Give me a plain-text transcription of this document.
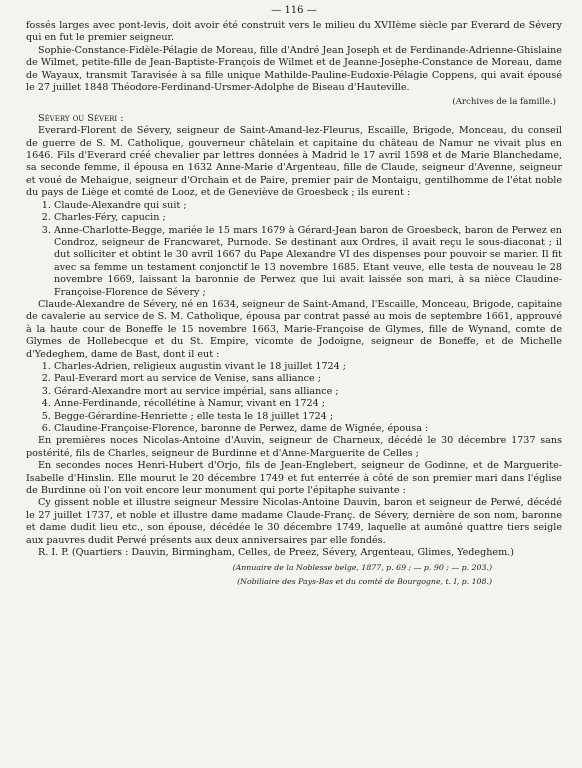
— 116 —

fossés larges avec pont-levis, doit avoir été construit vers le milieu du XVIIème siècle par Everard de Sévery qui en fut le premier seigneur.

Sophie-Constance-Fidèle-Pélagie de Moreau, fille d'André Jean Joseph et de Ferdinande-Adrienne-Ghislaine de Wilmet, petite-fille de Jean-Baptiste-François de Wilmet et de Jeanne-Josèphe-Constance de Moreau, dame de Wayaux, transmit Taravisée à sa fille unique Mathilde-Pauline-Eudoxie-Pélagie Coppens, qui avait épousé le 27 juillet 1848 Théodore-Ferdinand-Ursmer-Adolphe de Biseau d'Hauteville.

(Archives de la famille.)

Sévery ou Séveri :

Everard-Florent de Sévery, seigneur de Saint-Amand-lez-Fleurus, Escaille, Brigode, Monceau, du conseil de guerre de S. M. Catholique, gouverneur châtelain et capitaine du château de Namur ne vivait plus en 1646. Fils d'Everard créé chevalier par lettres données à Madrid le 17 avril 1598 et de Marie Blanchedame, sa seconde femme, il épousa en 1632 Anne-Marie d'Argenteau, fille de Claude, seigneur d'Avenne, seigneur et voué de Mehaigue, seigneur d'Orchain et de Paire, premier pair de Montaigu, gentilhomme de l'état noble du pays de Liège et comté de Looz, et de Geneviève de Groesbeck ; ils eurent :

1. Claude-Alexandre qui suit ;
2. Charles-Féry, capucin ;
3. Anne-Charlotte-Begge, mariée le 15 mars 1679 à Gérard-Jean baron de Groesbeck, baron de Perwez en Condroz, seigneur de Francwaret, Purnode. Se destinant aux Ordres, il avait reçu le sous-diaconat ; il dut solliciter et obtint le 30 avril 1667 du Pape Alexandre VI des dispenses pour pouvoir se marier. Il fit avec sa femme un testament conjonctif le 13 novembre 1685. Etant veuve, elle testa de nouveau le 28 novembre 1669, laissant la baronnie de Perwez que lui avait laissée son mari, à sa nièce Claudine-Françoise-Florence de Sévery ;

Claude-Alexandre de Sévery, né en 1634, seigneur de Saint-Amand, l'Escaille, Monceau, Brigode, capitaine de cavalerie au service de S. M. Catholique, épousa par contrat passé au mois de septembre 1661, approuvé à la haute cour de Boneffe le 15 novembre 1663, Marie-Françoise de Glymes, fille de Wynand, comte de Glymes de Hollebecque et du St. Empire, vicomte de Jodoigne, seigneur de Boneffe, et de Michelle d'Yedeghem, dame de Bast, dont il eut :

1. Charles-Adrien, religieux augustin vivant le 18 juillet 1724 ;
2. Paul-Everard mort au service de Venise, sans alliance ;
3. Gérard-Alexandre mort au service impérial, sans alliance ;
4. Anne-Ferdinande, récollétine à Namur, vivant en 1724 ;
5. Begge-Gérardine-Henriette ; elle testa le 18 juillet 1724 ;
6. Claudine-Françoise-Florence, baronne de Perwez, dame de Wignée, épousa :

En premières noces Nicolas-Antoine d'Auvin, seigneur de Charneux, décédé le 30 décembre 1737 sans postérité, fils de Charles, seigneur de Burdinne et d'Anne-Marguerite de Celles ;

En secondes noces Henri-Hubert d'Orjo, fils de Jean-Englebert, seigneur de Godinne, et de Marguerite-Isabelle d'Hinslin. Elle mourut le 20 décembre 1749 et fut enterrée à côté de son premier mari dans l'église de Burdinne où l'on voit encore leur monument qui porte l'épitaphe suivante :

Cy gissent noble et illustre seigneur Messire Nicolas-Antoine Dauvin, baron et seigneur de Perwé, décédé le 27 juillet 1737, et noble et illustre dame madame Claude-Franç. de Sévery, dernière de son nom, baronne et dame dudit lieu etc., son épouse, décédée le 30 décembre 1749, laquelle at aumôné quattre tiers seigle aux pauvres dudit Perwé présents aux deux anniversaires par elle fondés.

R. I. P. (Quartiers : Dauvin, Birmingham, Celles, de Preez, Sévery, Argenteau, Glimes, Yedeghem.)

(Annuaire de la Noblesse belge, 1877, p. 69 ; — p. 90 ; — p. 203.)
(Nobiliaire des Pays-Bas et du comté de Bourgogne, t. I, p. 108.)
